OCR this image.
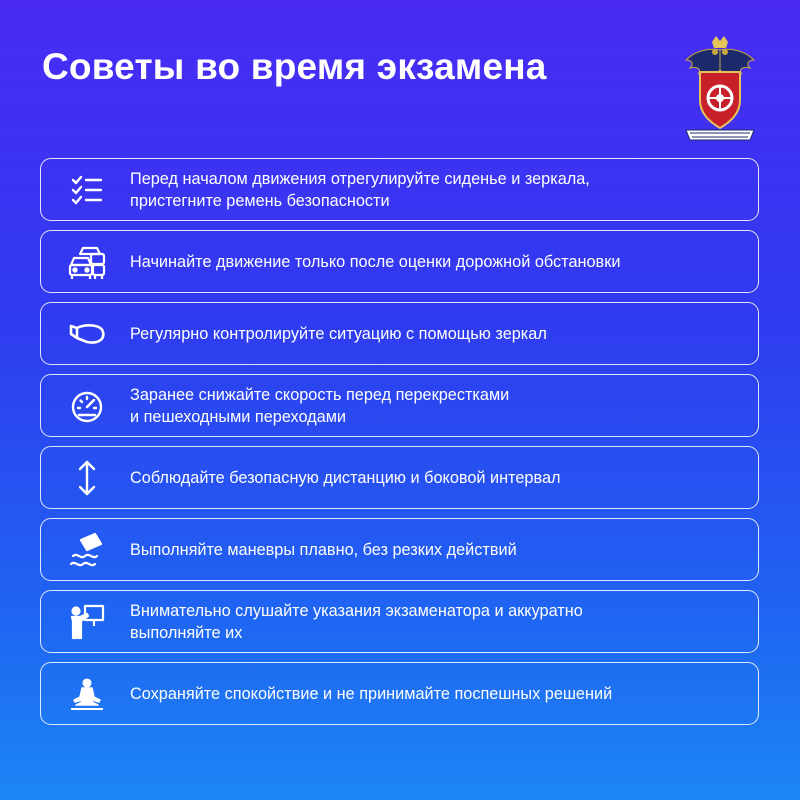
Советы во время экзамена
Перед началом движения отрегулируйте сиденье и зеркала,
пристегните ремень безопасности
Начинайте движение только после оценки дорожной обстановки
Регулярно контролируйте ситуацию с помощью зеркал
Заранее снижайте скорость перед перекрестками
и пешеходными переходами
Соблюдайте безопасную дистанцию и боковой интервал
Выполняйте маневры плавно, без резких действий
Внимательно слушайте указания экзаменатора и аккуратно
выполняйте их
Сохраняйте спокойствие и не принимайте поспешных решений
